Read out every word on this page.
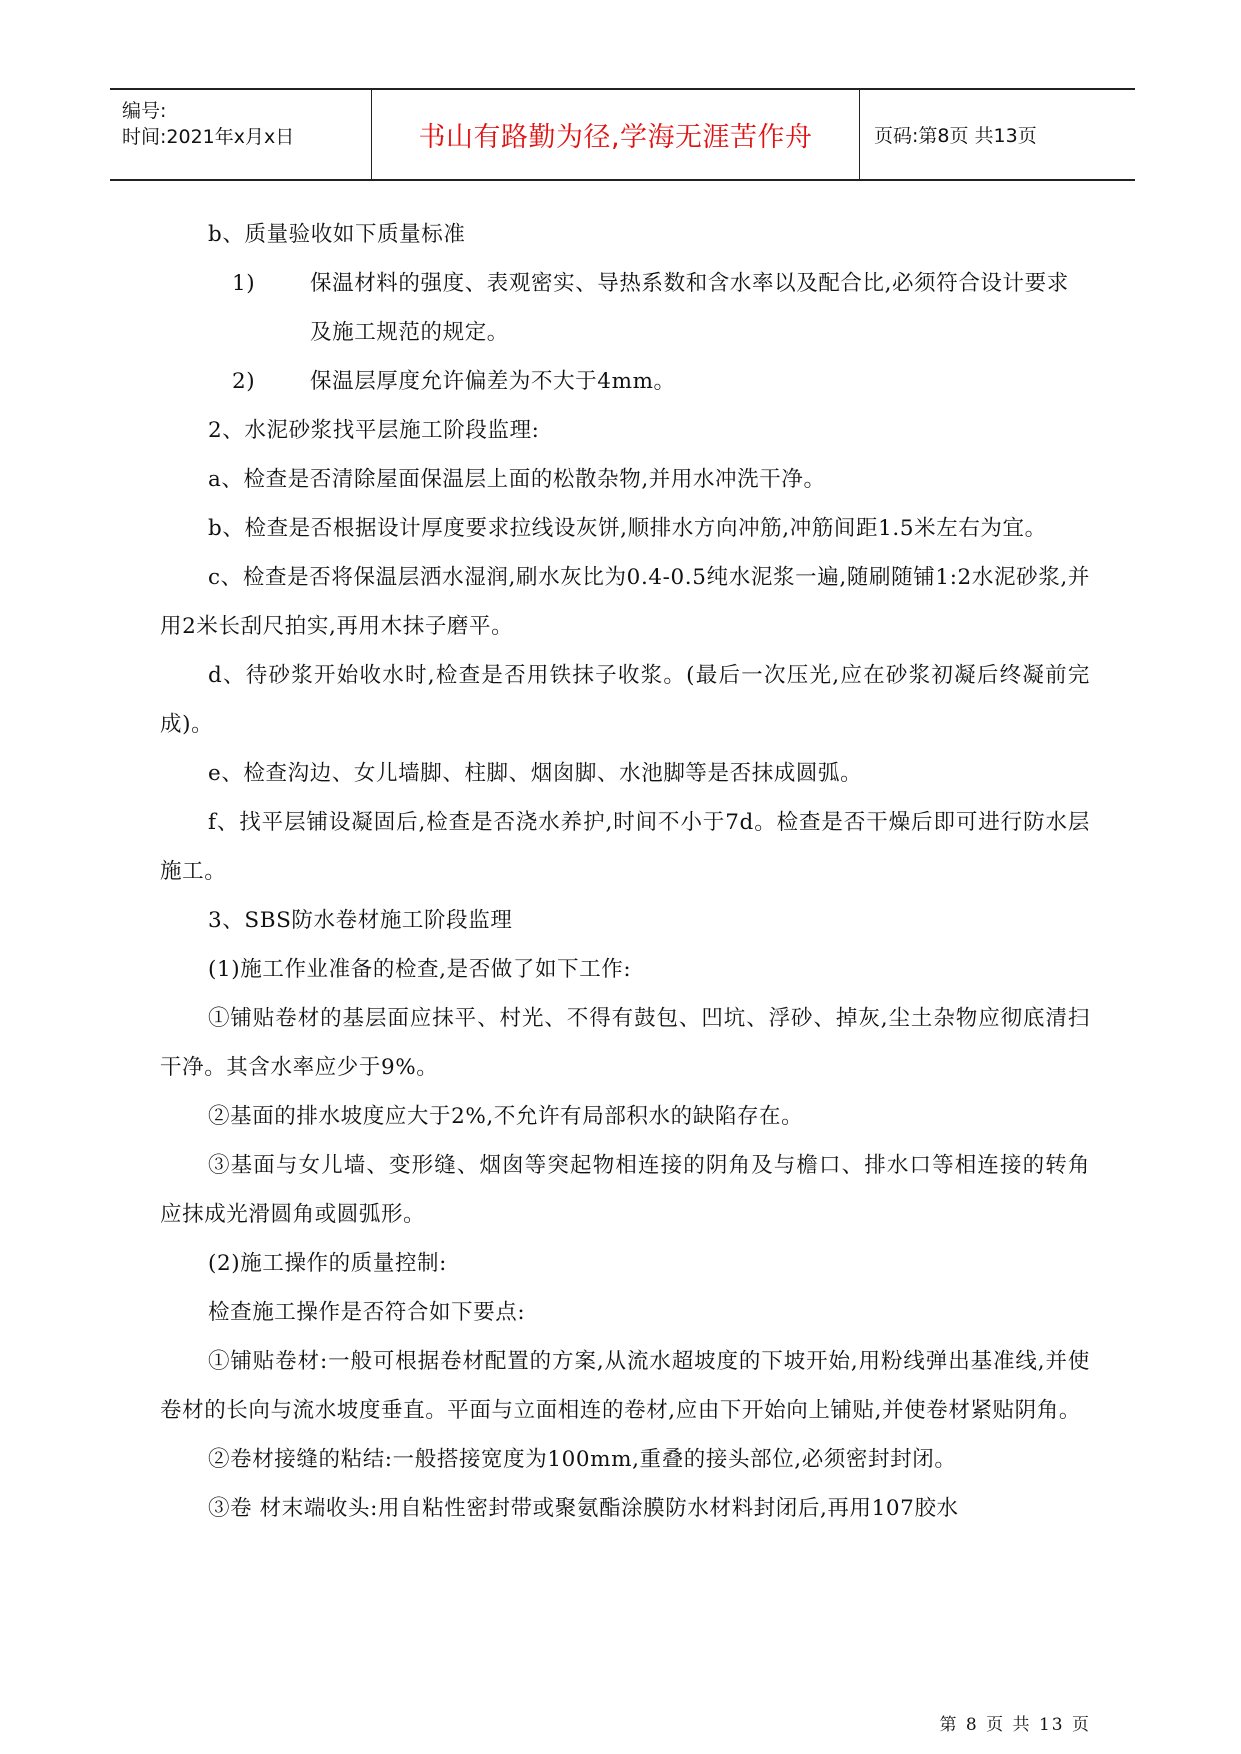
编号:
时间:2021年x月x日	书山有路勤为径,学海无涯苦作舟	页码:第8页 共13页

b、质量验收如下质量标准

1)	保温材料的强度、表观密实、导热系数和含水率以及配合比,必须符合设计要求及施工规范的规定。
2)	保温层厚度允许偏差为不大于4mm。

2、水泥砂浆找平层施工阶段监理:

a、检查是否清除屋面保温层上面的松散杂物,并用水冲洗干净。

b、检查是否根据设计厚度要求拉线设灰饼,顺排水方向冲筋,冲筋间距1.5米左右为宜。

c、检查是否将保温层洒水湿润,刷水灰比为0.4-0.5纯水泥浆一遍,随刷随铺1:2水泥砂浆,并用2米长刮尺拍实,再用木抹子磨平。

d、待砂浆开始收水时,检查是否用铁抹子收浆。(最后一次压光,应在砂浆初凝后终凝前完成)。

e、检查沟边、女儿墙脚、柱脚、烟囱脚、水池脚等是否抹成圆弧。

f、找平层铺设凝固后,检查是否浇水养护,时间不小于7d。检查是否干燥后即可进行防水层施工。

3、SBS防水卷材施工阶段监理

(1)施工作业准备的检查,是否做了如下工作:

①铺贴卷材的基层面应抹平、村光、不得有鼓包、凹坑、浮砂、掉灰,尘土杂物应彻底清扫干净。其含水率应少于9%。

②基面的排水坡度应大于2%,不允许有局部积水的缺陷存在。

③基面与女儿墙、变形缝、烟囱等突起物相连接的阴角及与檐口、排水口等相连接的转角应抹成光滑圆角或圆弧形。

(2)施工操作的质量控制:

检查施工操作是否符合如下要点:

①铺贴卷材:一般可根据卷材配置的方案,从流水超坡度的下坡开始,用粉线弹出基准线,并使卷材的长向与流水坡度垂直。平面与立面相连的卷材,应由下开始向上铺贴,并使卷材紧贴阴角。

②卷材接缝的粘结:一般搭接宽度为100mm,重叠的接头部位,必须密封封闭。

③卷 材末端收头:用自粘性密封带或聚氨酯涂膜防水材料封闭后,再用107胶水

第 8 页 共 13 页
